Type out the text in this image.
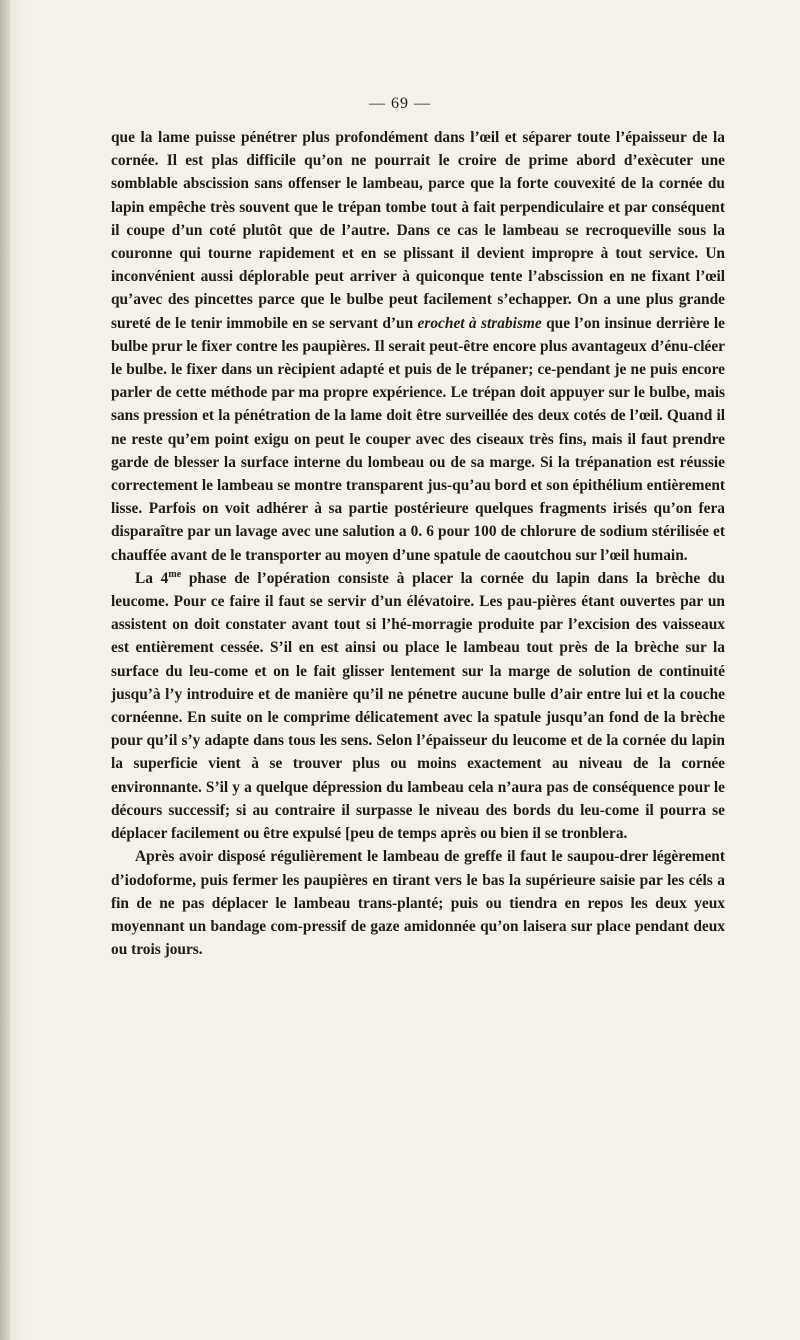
— 69 —

que la lame puisse pénétrer plus profondément dans l’œil et séparer toute l’épaisseur de la cornée. Il est plas difficile qu’on ne pourrait le croire de prime abord d’exècuter une somblable abscission sans offenser le lambeau, parce que la forte couvexité de la cornée du lapin empêche très souvent que le trépan tombe tout à fait perpendiculaire et par conséquent il coupe d’un coté plutôt que de l’autre. Dans ce cas le lambeau se recroqueville sous la couronne qui tourne rapidement et en se plissant il devient impropre à tout service. Un inconvénient aussi déplorable peut arriver à quiconque tente l’abscission en ne fixant l’œil qu’avec des pincettes parce que le bulbe peut facilement s’echapper. On a une plus grande sureté de le tenir immobile en se servant d’un erochet à strabisme que l’on insinue derrière le bulbe prur le fixer contre les paupières. Il serait peut-être encore plus avantageux d’énu-cléer le bulbe. le fixer dans un rècipient adapté et puis de le trépaner; ce-pendant je ne puis encore parler de cette méthode par ma propre expérience. Le trépan doit appuyer sur le bulbe, mais sans pression et la pénétration de la lame doit être surveillée des deux cotés de l’œil. Quand il ne reste qu’em point exigu on peut le couper avec des ciseaux très fins, mais il faut prendre garde de blesser la surface interne du lombeau ou de sa marge. Si la trépanation est réussie correctement le lambeau se montre transparent jus-qu’au bord et son épithélium entièrement lisse. Parfois on voit adhérer à sa partie postérieure quelques fragments irisés qu’on fera disparaître par un lavage avec une salution a 0. 6 pour 100 de chlorure de sodium stérilisée et chauffée avant de le transporter au moyen d’une spatule de caoutchou sur l’œil humain.

La $4^{me}$ phase de l’opération consiste à placer la cornée du lapin dans la brèche du leucome. Pour ce faire il faut se servir d’un élévatoire. Les pau-pières étant ouvertes par un assistent on doit constater avant tout si l’hé-morragie produite par l’excision des vaisseaux est entièrement cessée. S’il en est ainsi ou place le lambeau tout près de la brèche sur la surface du leu-come et on le fait glisser lentement sur la marge de solution de continuité jusqu’à l’y introduire et de manière qu’il ne pénetre aucune bulle d’air entre lui et la couche cornéenne. En suite on le comprime délicatement avec la spatule jusqu’an fond de la brèche pour qu’il s’y adapte dans tous les sens. Selon l’épaisseur du leucome et de la cornée du lapin la superficie vient à se trouver plus ou moins exactement au niveau de la cornée environnante. S’il y a quelque dépression du lambeau cela n’aura pas de conséquence pour le décours successif; si au contraire il surpasse le niveau des bords du leu-come il pourra se déplacer facilement ou être expulsé [peu de temps après ou bien il se tronblera.

Après avoir disposé régulièrement le lambeau de greffe il faut le saupou-drer légèrement d’iodoforme, puis fermer les paupières en tirant vers le bas la supérieure saisie par les céls a fin de ne pas déplacer le lambeau trans-planté; puis ou tiendra en repos les deux yeux moyennant un bandage com-pressif de gaze amidonnée qu’on laisera sur place pendant deux ou trois jours.
